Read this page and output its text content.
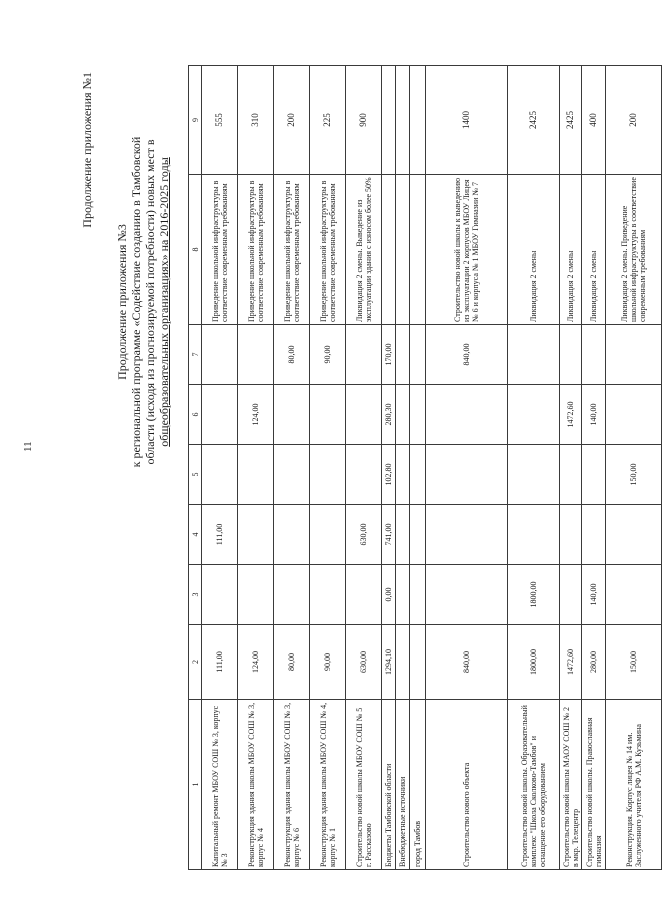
11
Продолжение приложения №1
Продолжение приложения №3 к региональной программе «Содействие созданию в Тамбовской области (исходя из прогнозируемой потребности) новых мест в общеобразовательных организациях» на 2016-2025 годы
1	2	3	4	5	6	7	8	9
Капитальный ремонт МБОУ СОШ № 3, корпус № 3	111,00		111,00				Приведение школьной инфраструктуры в соответствие современным требованиям	555
Реконструкция здания школы МБОУ СОШ № 3, корпус № 4	124,00				124,00		Приведение школьной инфраструктуры в соответствие современным требованиям	310
Реконструкция здания школы МБОУ СОШ № 3, корпус № 6	80,00					80,00	Приведение школьной инфраструктуры в соответствие современным требованиям	200
Реконструкция здания школы МБОУ СОШ № 4, корпус № 1	90,00					90,00	Приведение школьной инфраструктуры в соответствие современным требованиям	225
Строительство новой школы МБОУ СОШ № 5 г. Рассказово	630,00		630,00				Ликвидация 2 смены. Выведение из эксплуатации здания с износом более 50%	900
Бюджеты Тамбовской области	1294,10	0,00	741,00	102,80	280,30	170,00		
Внебюджетные источники								
город Тамбов								
Строительство нового объекта	840,00					840,00	Строительство новой школы к выведению из эксплуатации 2 корпусов МБОУ Лицея № 6 и корпуса № 1 МБОУ Гимназии № 7	1400
Строительство новой школы. Образовательный комплекс "Школа Сколково-Тамбов" и оснащение его оборудованием	1800,00	1800,00					Ликвидация 2 смены	2425
Строительство новой школы МАОУ СОШ № 2 в мкр. Телецентр	1472,60				1472,60		Ликвидация 2 смены	2425
Строительство новой школы. Православная гимназия	280,00	140,00			140,00		Ликвидация 2 смены	400
Реконструкция. Корпус лицея № 14 им. Заслуженного учителя РФ А.М. Кузьмина	150,00			150,00			Ликвидация 2 смены. Приведение школьной инфраструктуры в соответствие современным требованиям	200
